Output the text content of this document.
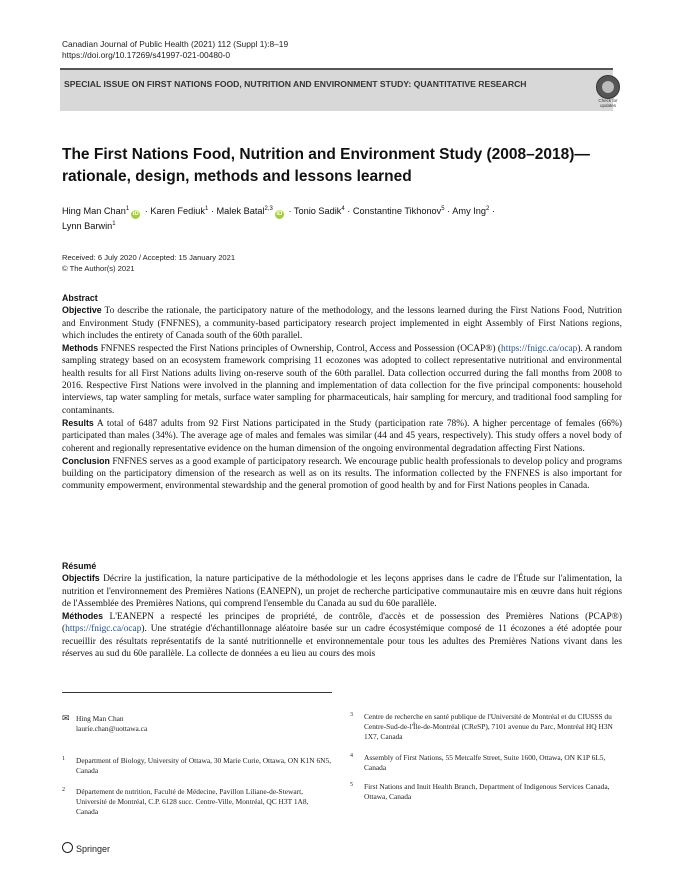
Canadian Journal of Public Health (2021) 112 (Suppl 1):8–19
https://doi.org/10.17269/s41997-021-00480-0
SPECIAL ISSUE ON FIRST NATIONS FOOD, NUTRITION AND ENVIRONMENT STUDY: QUANTITATIVE RESEARCH
Check for updates
The First Nations Food, Nutrition and Environment Study (2008–2018)—rationale, design, methods and lessons learned
Hing Man Chan$^1$iD · Karen Fediuk$^1$ · Malek Batal$^{2,3}$iD · Tonio Sadik$^4$ · Constantine Tikhonov$^5$ · Amy Ing$^2$ ·
Lynn Barwin$^1$
Received: 6 July 2020 / Accepted: 15 January 2021
© The Author(s) 2021
Abstract

Objective To describe the rationale, the participatory nature of the methodology, and the lessons learned during the First Nations Food, Nutrition and Environment Study (FNFNES), a community-based participatory research project implemented in eight Assembly of First Nations regions, which includes the entirety of Canada south of the 60th parallel.

Methods FNFNES respected the First Nations principles of Ownership, Control, Access and Possession (OCAP®) (https://fnigc.ca/ocap). A random sampling strategy based on an ecosystem framework comprising 11 ecozones was adopted to collect representative nutritional and environmental health results for all First Nations adults living on-reserve south of the 60th parallel. Data collection occurred during the fall months from 2008 to 2016. Respective First Nations were involved in the planning and implementation of data collection for the five principal components: household interviews, tap water sampling for metals, surface water sampling for pharmaceuticals, hair sampling for mercury, and traditional food sampling for contaminants.

Results A total of 6487 adults from 92 First Nations participated in the Study (participation rate 78%). A higher percentage of females (66%) participated than males (34%). The average age of males and females was similar (44 and 45 years, respectively). This study offers a novel body of coherent and regionally representative evidence on the human dimension of the ongoing environmental degradation affecting First Nations.

Conclusion FNFNES serves as a good example of participatory research. We encourage public health professionals to develop policy and programs building on the participatory dimension of the research as well as on its results. The information collected by the FNFNES is also important for community empowerment, environmental stewardship and the general promotion of good health by and for First Nations peoples in Canada.

Résumé

Objectifs Décrire la justification, la nature participative de la méthodologie et les leçons apprises dans le cadre de l'Étude sur l'alimentation, la nutrition et l'environnement des Premières Nations (EANEPN), un projet de recherche participative communautaire mis en œuvre dans huit régions de l'Assemblée des Premières Nations, qui comprend l'ensemble du Canada au sud du 60e parallèle.

Méthodes L'EANEPN a respecté les principes de propriété, de contrôle, d'accès et de possession des Premières Nations (PCAP®) (https://fnigc.ca/ocap). Une stratégie d'échantillonnage aléatoire basée sur un cadre écosystémique composé de 11 écozones a été adoptée pour recueillir des résultats représentatifs de la santé nutritionnelle et environnementale pour tous les adultes des Premières Nations vivant dans les réserves au sud du 60e parallèle. La collecte de données a eu lieu au cours des mois

✉ Hing Man Chan
laurie.chan@uottawa.ca
1 Department of Biology, University of Ottawa, 30 Marie Curie, Ottawa, ON K1N 6N5, Canada
2 Département de nutrition, Faculté de Médecine, Pavillon Liliane-de-Stewart, Université de Montréal, C.P. 6128 succ. Centre-Ville, Montréal, QC H3T 1A8, Canada
3 Centre de recherche en santé publique de l'Université de Montréal et du CIUSSS du Centre-Sud-de-l'Île-de-Montréal (CReSP), 7101 avenue du Parc, Montréal HQ H3N 1X7, Canada
4 Assembly of First Nations, 55 Metcalfe Street, Suite 1600, Ottawa, ON K1P 6L5, Canada
5 First Nations and Inuit Health Branch, Department of Indigenous Services Canada, Ottawa, Canada
Springer
